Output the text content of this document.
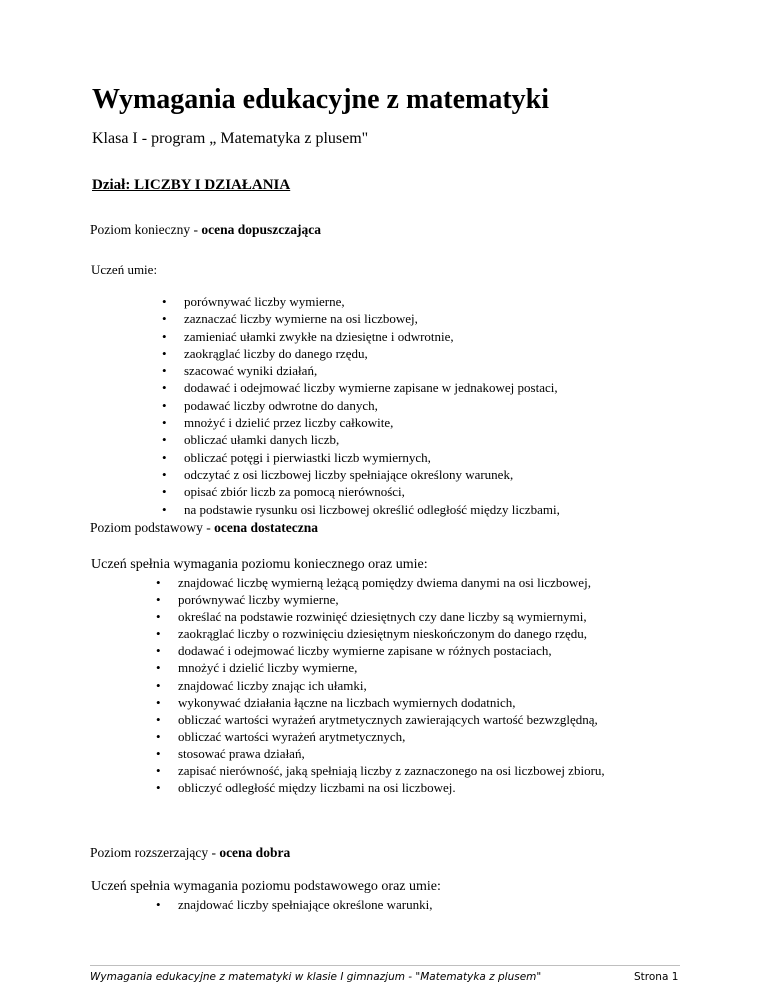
Wymagania edukacyjne z matematyki
Klasa I - program „ Matematyka z plusem"
Dział: LICZBY I DZIAŁANIA
Poziom konieczny - ocena dopuszczająca
Uczeń umie:
• porównywać liczby wymierne,
• zaznaczać liczby wymierne na osi liczbowej,
• zamieniać ułamki zwykłe na dziesiętne i odwrotnie,
• zaokrąglać liczby do danego rzędu,
• szacować wyniki działań,
• dodawać i odejmować liczby wymierne zapisane w jednakowej postaci,
• podawać liczby odwrotne do danych,
• mnożyć i dzielić przez liczby całkowite,
• obliczać ułamki danych liczb,
• obliczać potęgi i pierwiastki liczb wymiernych,
• odczytać z osi liczbowej liczby spełniające określony warunek,
• opisać zbiór liczb za pomocą nierówności,
• na podstawie rysunku osi liczbowej określić odległość między liczbami,
Poziom podstawowy - ocena dostateczna
Uczeń spełnia wymagania poziomu koniecznego oraz umie:
• znajdować liczbę wymierną leżącą pomiędzy dwiema danymi na osi liczbowej,
• porównywać liczby wymierne,
• określać na podstawie rozwinięć dziesiętnych czy dane liczby są wymiernymi,
• zaokrąglać liczby o rozwinięciu dziesiętnym nieskończonym do danego rzędu,
• dodawać i odejmować liczby wymierne zapisane w różnych postaciach,
• mnożyć i dzielić liczby wymierne,
• znajdować liczby znając ich ułamki,
• wykonywać działania łączne na liczbach wymiernych dodatnich,
• obliczać wartości wyrażeń arytmetycznych zawierających wartość bezwzględną,
• obliczać wartości wyrażeń arytmetycznych,
• stosować prawa działań,
• zapisać nierówność, jaką spełniają liczby z zaznaczonego na osi liczbowej zbioru,
• obliczyć odległość między liczbami na osi liczbowej.
Poziom rozszerzający - ocena dobra
Uczeń spełnia wymagania poziomu podstawowego oraz umie:
• znajdować liczby spełniające określone warunki,
Wymagania edukacyjne z matematyki w klasie I gimnazjum - "Matematyka z plusem"	Strona 1
